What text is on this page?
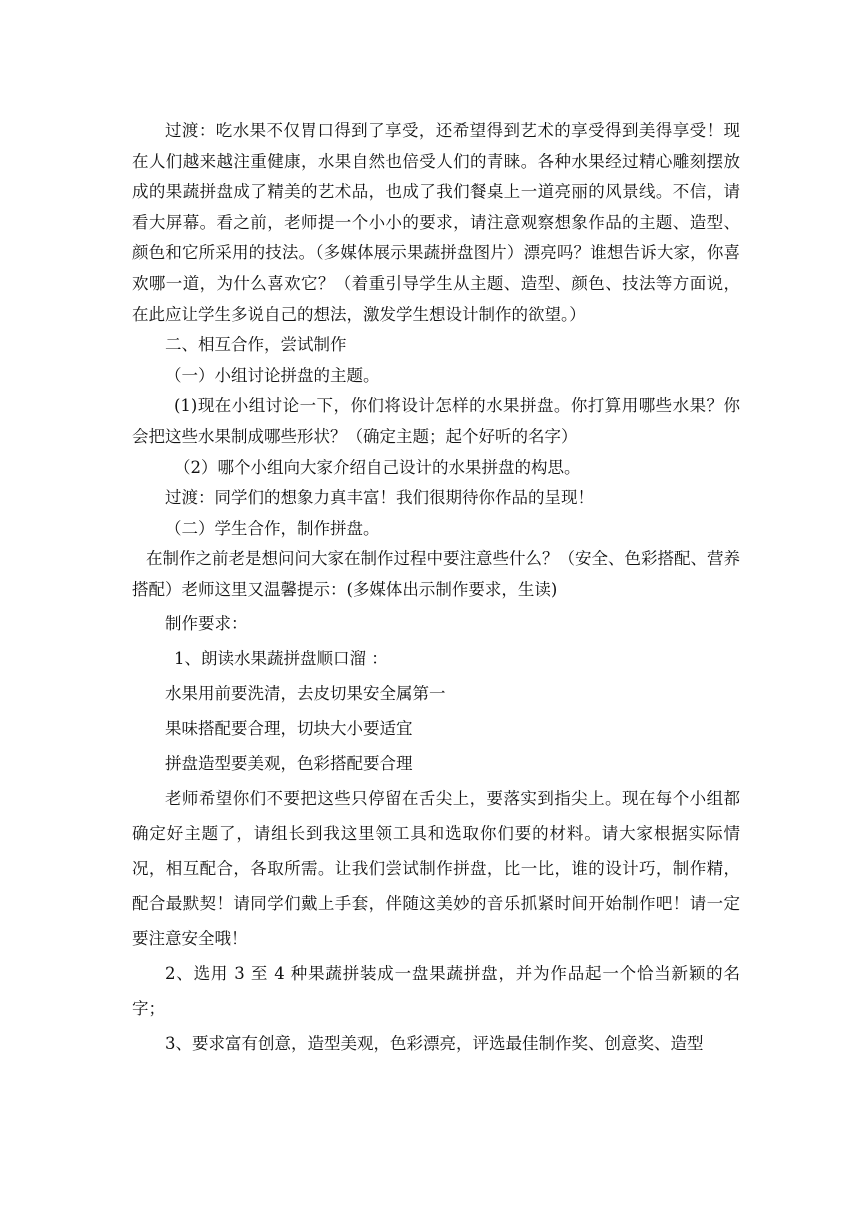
过渡：吃水果不仅胃口得到了享受，还希望得到艺术的享受得到美得享受！现在人们越来越注重健康，水果自然也倍受人们的青睐。各种水果经过精心雕刻摆放成的果蔬拼盘成了精美的艺术品，也成了我们餐桌上一道亮丽的风景线。不信，请看大屏幕。看之前，老师提一个小小的要求，请注意观察想象作品的主题、造型、颜色和它所采用的技法。（多媒体展示果蔬拼盘图片）漂亮吗？谁想告诉大家，你喜欢哪一道，为什么喜欢它？（着重引导学生从主题、造型、颜色、技法等方面说，在此应让学生多说自己的想法，激发学生想设计制作的欲望。）

二、相互合作，尝试制作

（一）小组讨论拼盘的主题。

(1)现在小组讨论一下，你们将设计怎样的水果拼盘。你打算用哪些水果？你会把这些水果制成哪些形状？（确定主题；起个好听的名字）

（2）哪个小组向大家介绍自己设计的水果拼盘的构思。

过渡：同学们的想象力真丰富！我们很期待你作品的呈现！

（二）学生合作，制作拼盘。

在制作之前老是想问问大家在制作过程中要注意些什么？（安全、色彩搭配、营养搭配）老师这里又温馨提示：(多媒体出示制作要求，生读)

制作要求：

1、朗读水果蔬拼盘顺口溜 ：

水果用前要洗清，去皮切果安全属第一

果味搭配要合理，切块大小要适宜

拼盘造型要美观，色彩搭配要合理

老师希望你们不要把这些只停留在舌尖上，要落实到指尖上。现在每个小组都确定好主题了，请组长到我这里领工具和选取你们要的材料。请大家根据实际情况，相互配合，各取所需。让我们尝试制作拼盘，比一比，谁的设计巧，制作精，配合最默契！请同学们戴上手套，伴随这美妙的音乐抓紧时间开始制作吧！请一定要注意安全哦！

2、选用 3 至 4 种果蔬拼装成一盘果蔬拼盘，并为作品起一个恰当新颖的名字；

3、要求富有创意，造型美观，色彩漂亮，评选最佳制作奖、创意奖、造型
